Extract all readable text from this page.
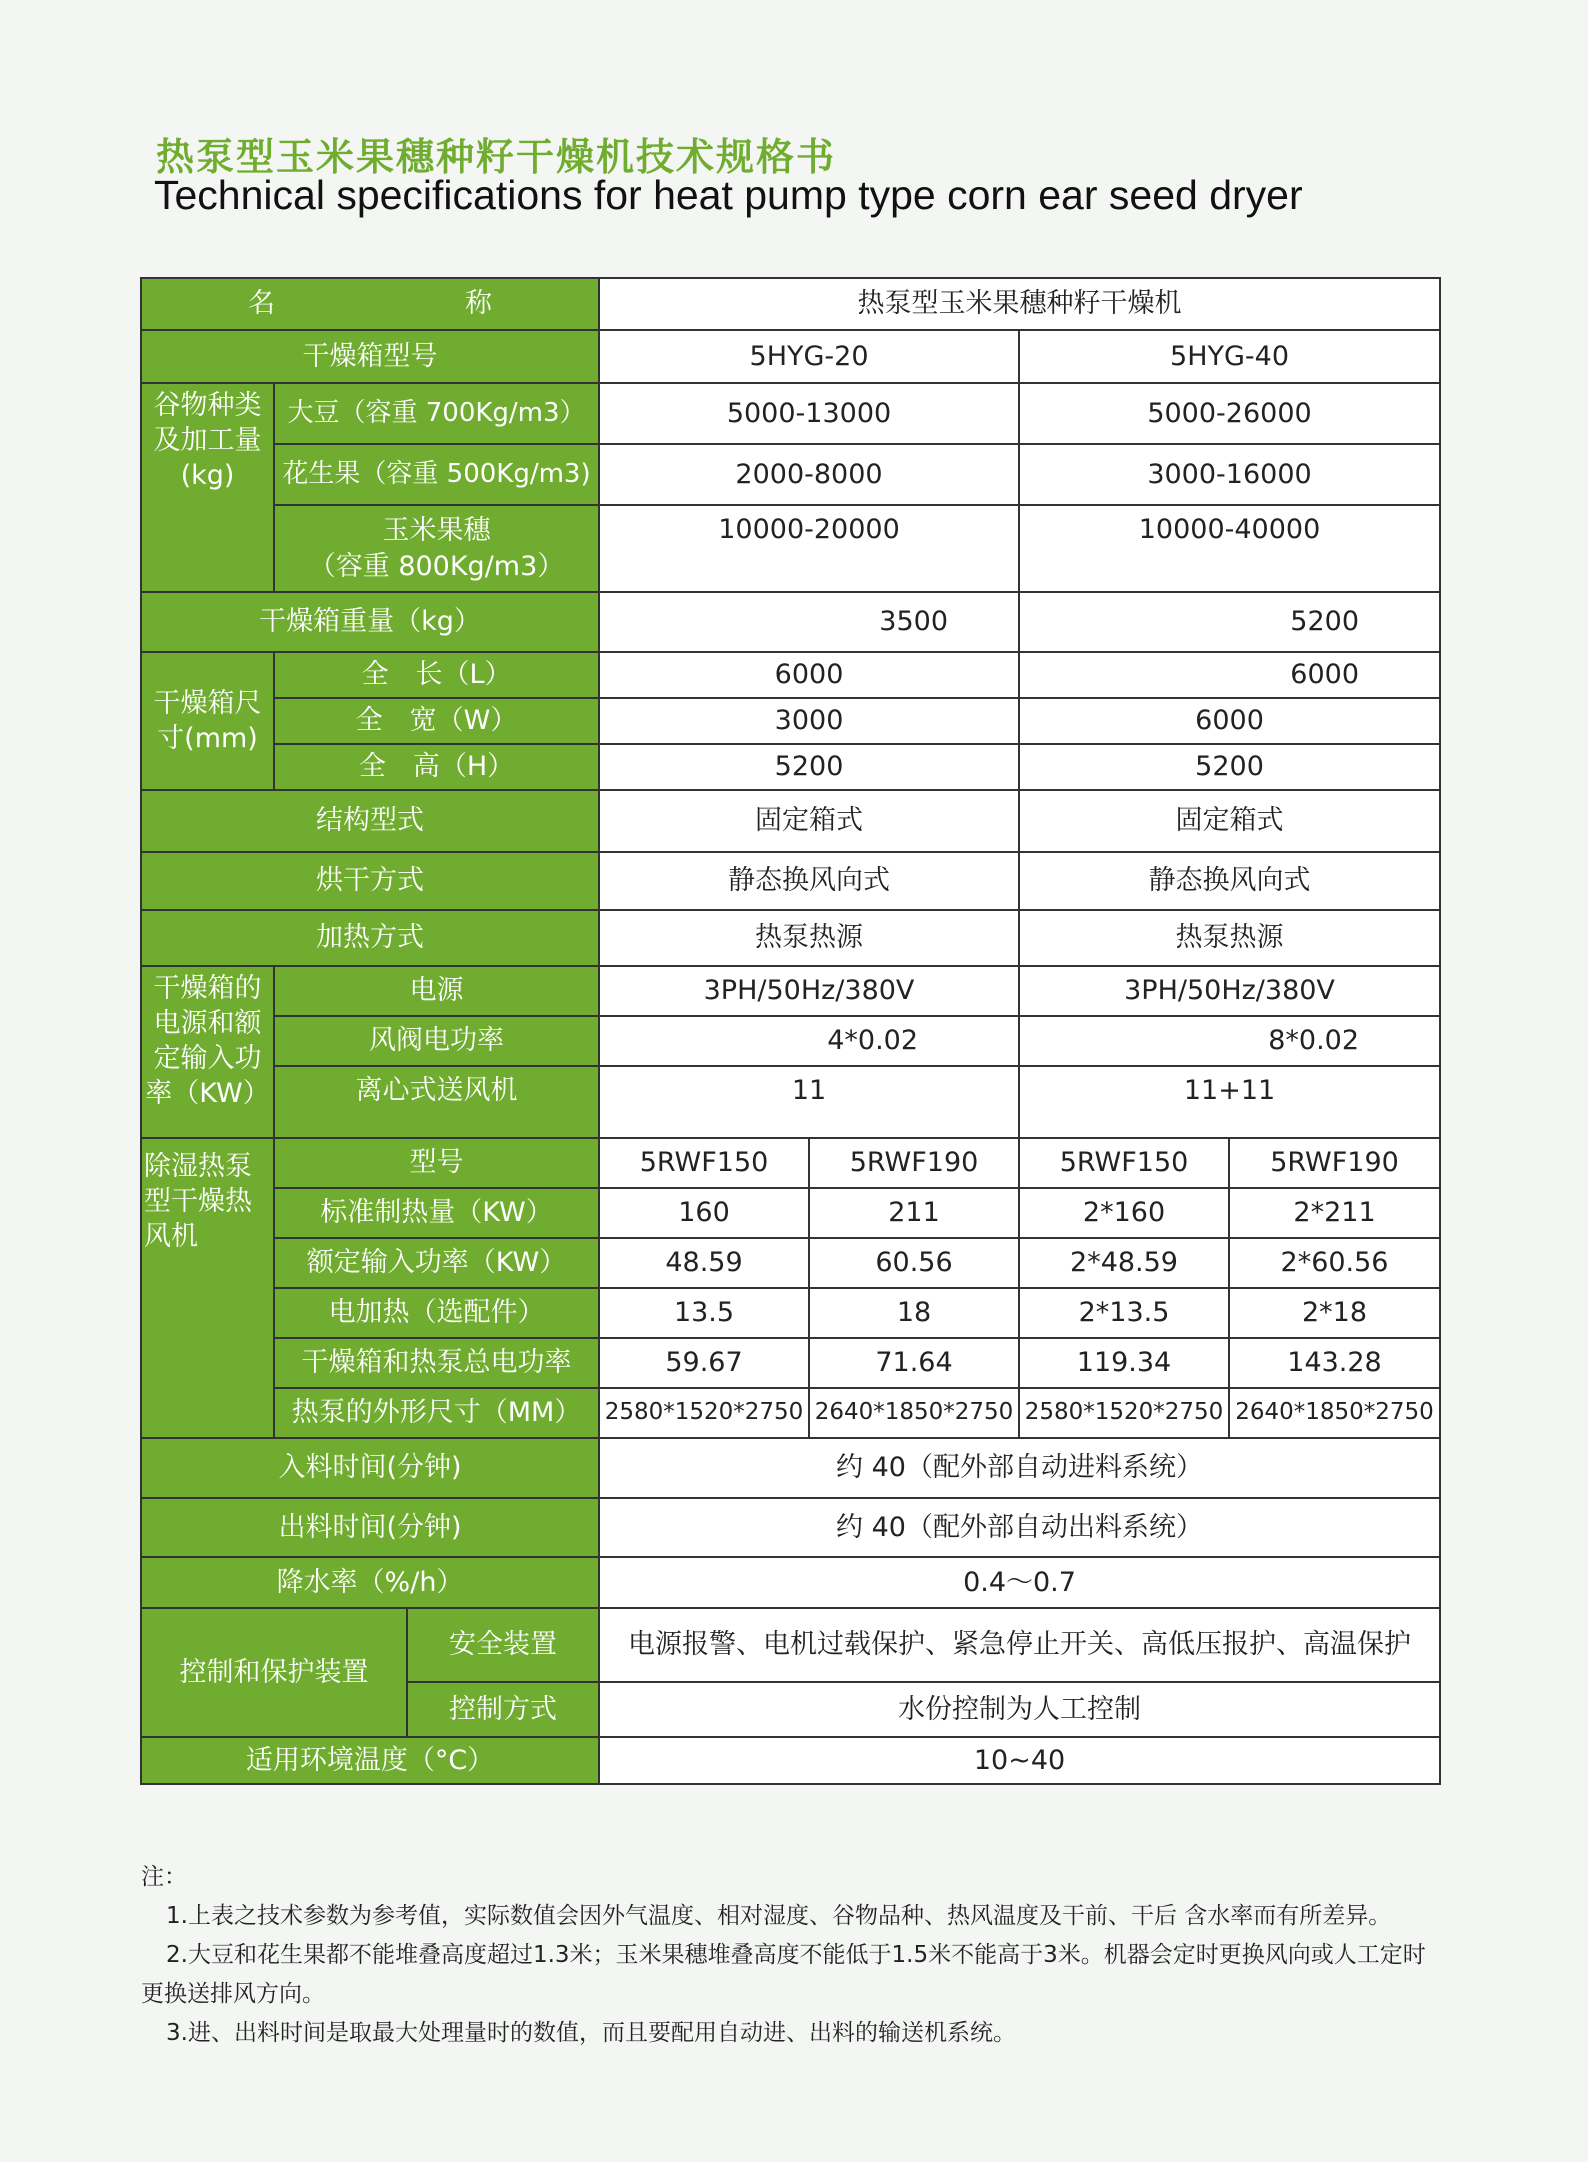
热泵型玉米果穗种籽干燥机技术规格书
Technical specifications for heat pump type corn ear seed dryer
名 称			热泵型玉米果穗种籽干燥机			
干燥箱型号			5HYG-20		5HYG-40	

谷物种类
及加工量
(kg)	大豆（容重 700Kg/m3）		5000-13000		5000-26000	
	花生果（容重 500Kg/m3)		2000-8000		3000-16000	

	玉米果穗
（容重 800Kg/m3）		10000-20000		10000-40000	
干燥箱重量（kg）			3500		5200	

干燥箱尺
寸(mm)	全　长（L）		6000		6000	
	全　宽（W）		3000		6000	
	全　高（H）		5200		5200	
结构型式			固定箱式		固定箱式	
烘干方式			静态换风向式		静态换风向式	
加热方式			热泵热源		热泵热源	

干燥箱的
电源和额
定输入功
率（KW）	电源		3PH/50Hz/380V		3PH/50Hz/380V	
	风阀电功率		4*0.02		8*0.02	
	离心式送风机		11		11+11	

除湿热泵
型干燥热
风机	型号		5RWF150	5RWF190	5RWF150	5RWF190
	标准制热量（KW）		160	211	2*160	2*211
	额定输入功率（KW）		48.59	60.56	2*48.59	2*60.56
	电加热（选配件）		13.5	18	2*13.5	2*18
	干燥箱和热泵总电功率		59.67	71.64	119.34	143.28
	热泵的外形尺寸（MM）		2580*1520*2750	2640*1850*2750	2580*1520*2750	2640*1850*2750
入料时间(分钟)			约 40（配外部自动进料系统）			
出料时间(分钟)			约 40（配外部自动出料系统）			
降水率（%/h）			0.4～0.7			
控制和保护装置		安全装置	电源报警、电机过载保护、紧急停止开关、高低压报护、高温保护			
		控制方式	水份控制为人工控制			
适用环境温度（°C）			10~40			
注：
1.上表之技术参数为参考值，实际数值会因外气温度、相对湿度、谷物品种、热风温度及干前、干后 含水率而有所差异。
2.大豆和花生果都不能堆叠高度超过1.3米；玉米果穗堆叠高度不能低于1.5米不能高于3米。机器会定时更换风向或人工定时
更换送排风方向。
3.进、出料时间是取最大处理量时的数值，而且要配用自动进、出料的输送机系统。
